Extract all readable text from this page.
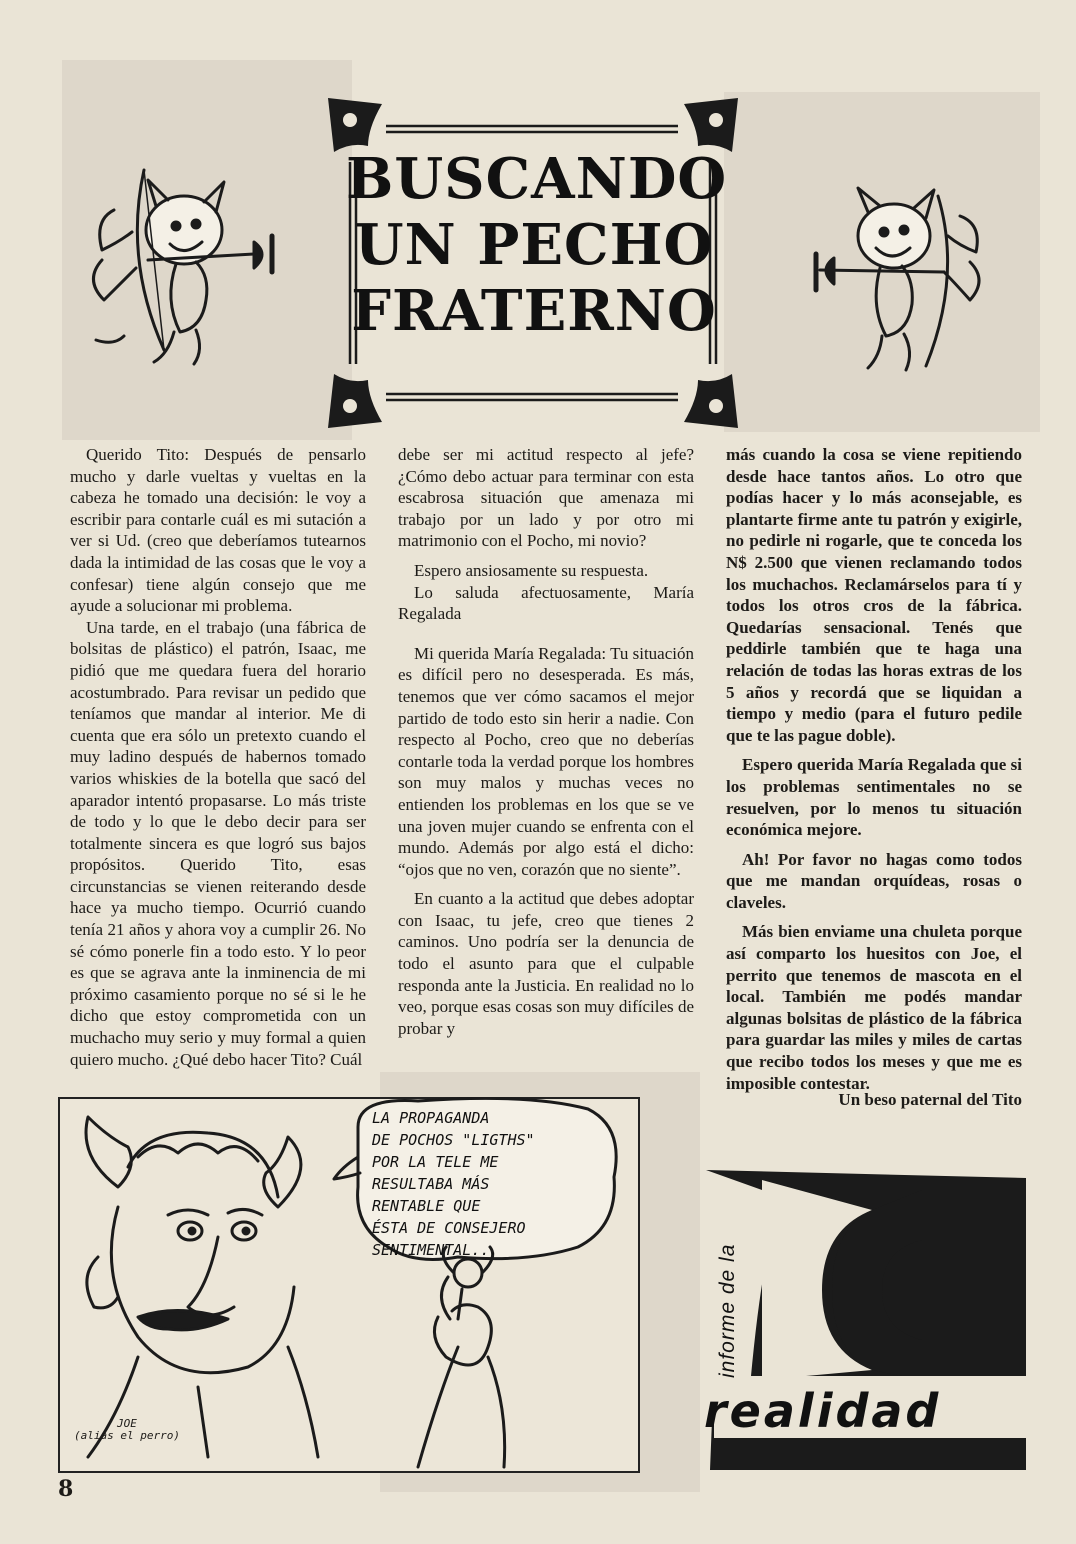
BUSCANDO
UN PECHO
FRATERNO

Querido Tito: Después de pensarlo mucho y darle vueltas y vueltas en la cabeza he tomado una decisión: le voy a escribir para contarle cuál es mi sutación a ver si Ud. (creo que deberíamos tutearnos dada la intimidad de las cosas que le voy a confesar) tiene algún consejo que me ayude a solucionar mi problema.

Una tarde, en el trabajo (una fábrica de bolsitas de plástico) el patrón, Isaac, me pidió que me quedara fuera del horario acostumbrado. Para revisar un pedido que teníamos que mandar al interior. Me di cuenta que era sólo un pretexto cuando el muy ladino después de habernos tomado varios whiskies de la botella que sacó del aparador intentó propasarse. Lo más triste de todo y lo que le debo decir para ser totalmente sincera es que logró sus bajos propósitos. Querido Tito, esas circunstancias se vienen reiterando desde hace ya mucho tiempo. Ocurrió cuando tenía 21 años y ahora voy a cumplir 26. No sé cómo ponerle fin a todo esto. Y lo peor es que se agrava ante la inminencia de mi próximo casamiento porque no sé si le he dicho que estoy comprometida con un muchacho muy serio y muy formal a quien quiero mucho. ¿Qué debo hacer Tito? Cuál

debe ser mi actitud respecto al jefe? ¿Cómo debo actuar para terminar con esta escabrosa situación que amenaza mi trabajo por un lado y por otro mi matrimonio con el Pocho, mi novio?

Espero ansiosamente su respuesta.

Lo saluda afectuosamente, María Regalada

Mi querida María Regalada: Tu situación es difícil pero no desesperada. Es más, tenemos que ver cómo sacamos el mejor partido de todo esto sin herir a nadie. Con respecto al Pocho, creo que no deberías contarle toda la verdad porque los hombres son muy malos y muchas veces no entienden los problemas en los que se ve una joven mujer cuando se enfrenta con el mundo. Además por algo está el dicho: “ojos que no ven, corazón que no siente”.

En cuanto a la actitud que debes adoptar con Isaac, tu jefe, creo que tienes 2 caminos. Uno podría ser la denuncia de todo el asunto para que el culpable responda ante la Justicia. En realidad no lo veo, porque esas cosas son muy difíciles de probar y

más cuando la cosa se viene repitiendo desde hace tantos años. Lo otro que podías hacer y lo más aconsejable, es plantarte firme ante tu patrón y exigirle, no pedirle ni rogarle, que te conceda los N$ 2.500 que vienen reclamando todos los muchachos. Reclamárselos para tí y todos los otros cros de la fábrica. Quedarías sensacional. Tenés que peddirle también que te haga una relación de todas las horas extras de los 5 años y recordá que se liquidan a tiempo y medio (para el futuro pedile que te las pague doble).

Espero querida María Regalada que si los problemas sentimentales no se resuelven, por lo menos tu situación económica mejore.

Ah! Por favor no hagas como todos que me mandan orquídeas, rosas o claveles.

Más bien enviame una chuleta porque así comparto los huesitos con Joe, el perrito que tenemos de mascota en el local. También me podés mandar algunas bolsitas de plástico de la fábrica para guardar las miles y miles de cartas que recibo todos los meses y que me es imposible contestar.

Un beso paternal del Tito
LA PROPAGANDA
DE POCHOS "LIGTHS"
POR LA TELE ME
RESULTABA MÁS
RENTABLE QUE
ÉSTA DE CONSEJERO
SENTIMENTAL...
JOE
(alias el perro)
informe de la
realidad
8
